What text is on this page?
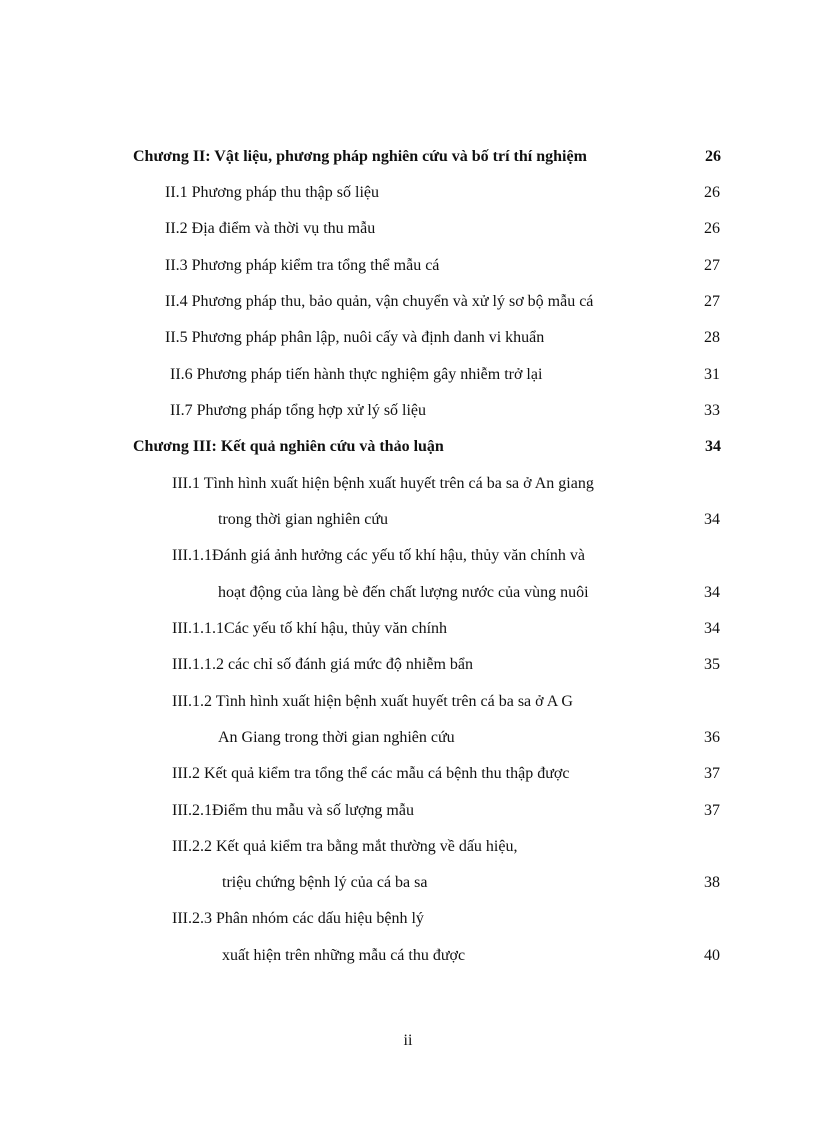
Chương II: Vật liệu, phương pháp nghiên cứu và bố trí thí nghiệm	26
II.1 Phương pháp thu thập số liệu	26
II.2 Địa điểm và thời vụ thu mẫu	26
II.3 Phương pháp kiểm tra tổng thể mẫu cá	27
II.4 Phương pháp thu, bảo quản, vận chuyển và xử lý sơ bộ mẫu cá	27
II.5 Phương pháp phân lập, nuôi cấy và định danh vi khuẩn	28
II.6 Phương pháp tiến hành thực nghiệm gây nhiễm trở lại	31
II.7 Phương pháp tổng hợp xử lý số liệu	33
Chương III: Kết quả nghiên cứu và thảo luận	34
III.1 Tình hình xuất hiện bệnh xuất huyết trên cá ba sa ở An giang
trong thời gian nghiên cứu	34
III.1.1Đánh giá ảnh hưởng các yếu tố khí hậu, thủy văn chính và
hoạt động của làng bè đến chất lượng nước của vùng nuôi	34
III.1.1.1Các yếu tố khí hậu, thủy văn chính	34
III.1.1.2 các chỉ số đánh giá mức độ nhiễm bẩn	35
III.1.2 Tình hình xuất hiện bệnh xuất huyết trên cá ba sa ở A G
An Giang trong thời gian nghiên cứu	36
III.2 Kết quả kiểm tra tổng thể các mẫu cá bệnh thu thập được	37
III.2.1Điểm thu mẫu và số lượng mẫu	37
III.2.2 Kết quả kiểm tra bằng mắt thường về dấu hiệu,
triệu chứng bệnh lý của cá ba sa	38
III.2.3 Phân nhóm các dấu hiệu bệnh lý
xuất hiện trên những mẫu cá thu được	40
ii
